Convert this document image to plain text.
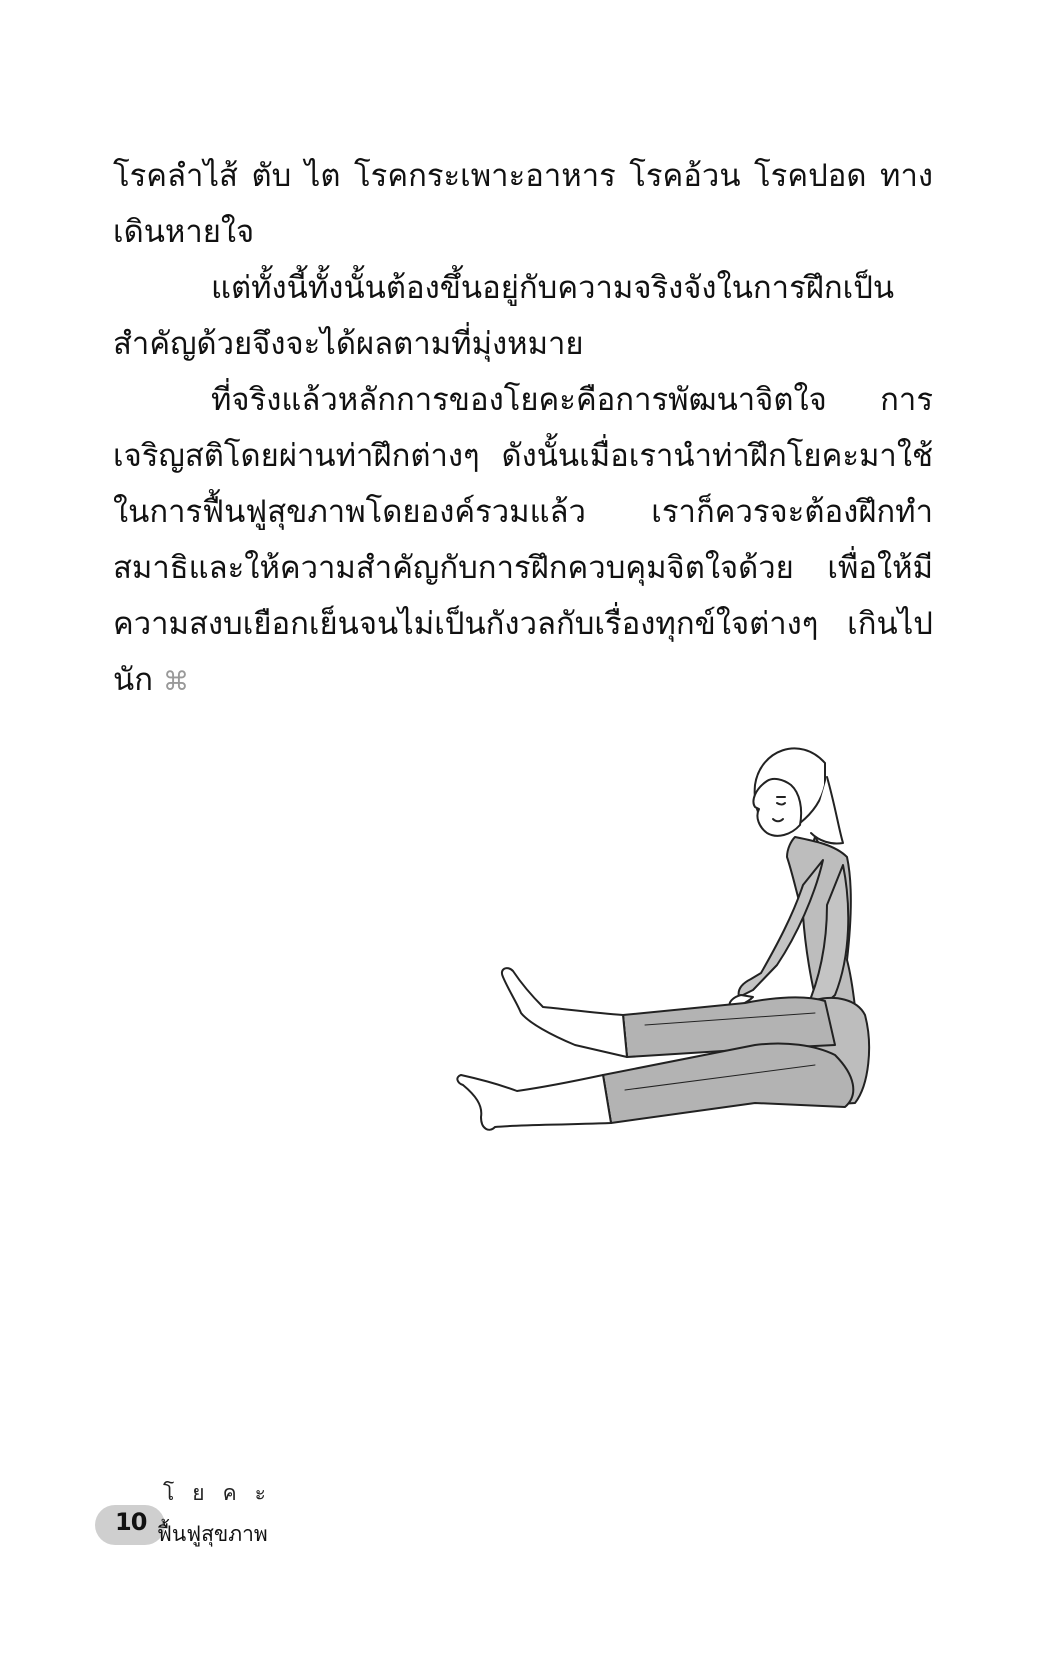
โรคลำไส้ ตับ ไต โรคกระเพาะอาหาร โรคอ้วน โรคปอด ทางเดินหายใจ

แต่ทั้งนี้ทั้งนั้นต้องขึ้นอยู่กับความจริงจังในการฝึกเป็นสำคัญด้วยจึงจะได้ผลตามที่มุ่งหมาย

ที่จริงแล้วหลักการของโยคะคือการพัฒนาจิตใจ การเจริญสติโดยผ่านท่าฝึกต่างๆ ดังนั้นเมื่อเรานำท่าฝึกโยคะมาใช้ในการฟื้นฟูสุขภาพโดยองค์รวมแล้ว เราก็ควรจะต้องฝึกทำสมาธิและให้ความสำคัญกับการฝึกควบคุมจิตใจด้วย เพื่อให้มีความสงบเยือกเย็นจนไม่เป็นกังวลกับเรื่องทุกข์ใจต่างๆ เกินไปนัก ⌘

10
โยคะ
ฟื้นฟูสุขภาพ
